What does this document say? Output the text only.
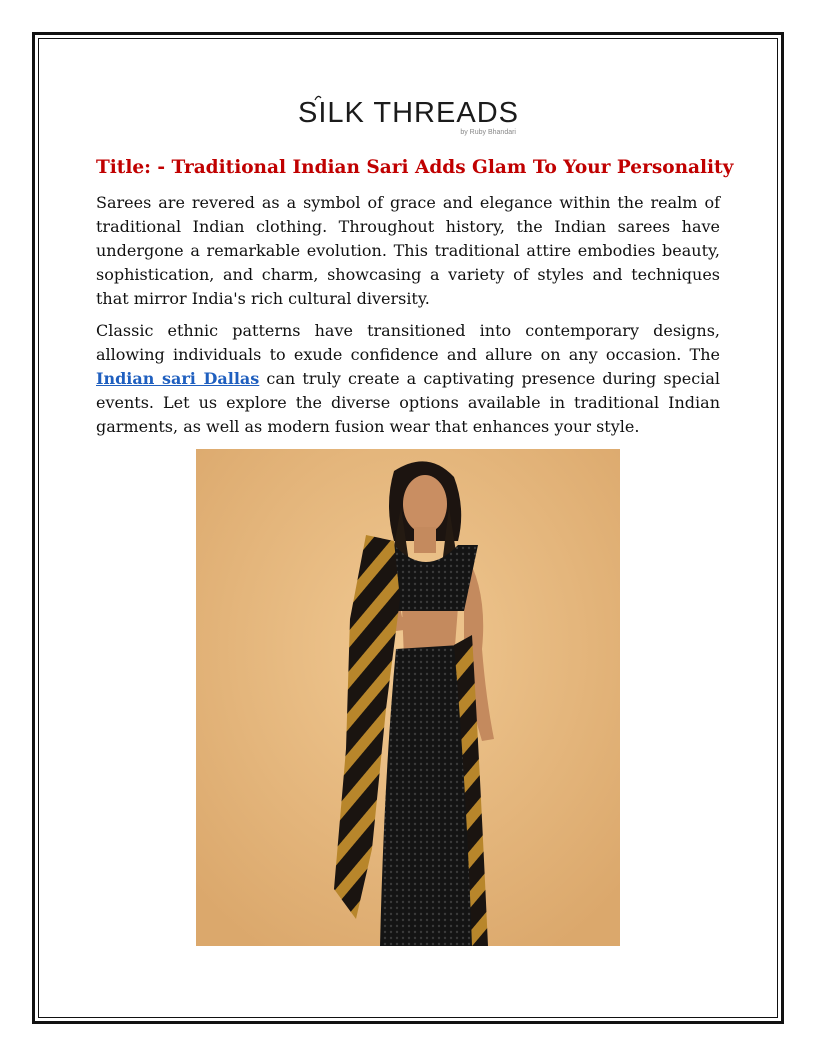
SILK THREADS
by Ruby Bhandari
Title: - Traditional Indian Sari Adds Glam To Your Personality

Sarees are revered as a symbol of grace and elegance within the realm of traditional Indian clothing. Throughout history, the Indian sarees have undergone a remarkable evolution. This traditional attire embodies beauty, sophistication, and charm, showcasing a variety of styles and techniques that mirror India's rich cultural diversity.

Classic ethnic patterns have transitioned into contemporary designs, allowing individuals to exude confidence and allure on any occasion. The Indian sari Dallas can truly create a captivating presence during special events. Let us explore the diverse options available in traditional Indian garments, as well as modern fusion wear that enhances your style.
